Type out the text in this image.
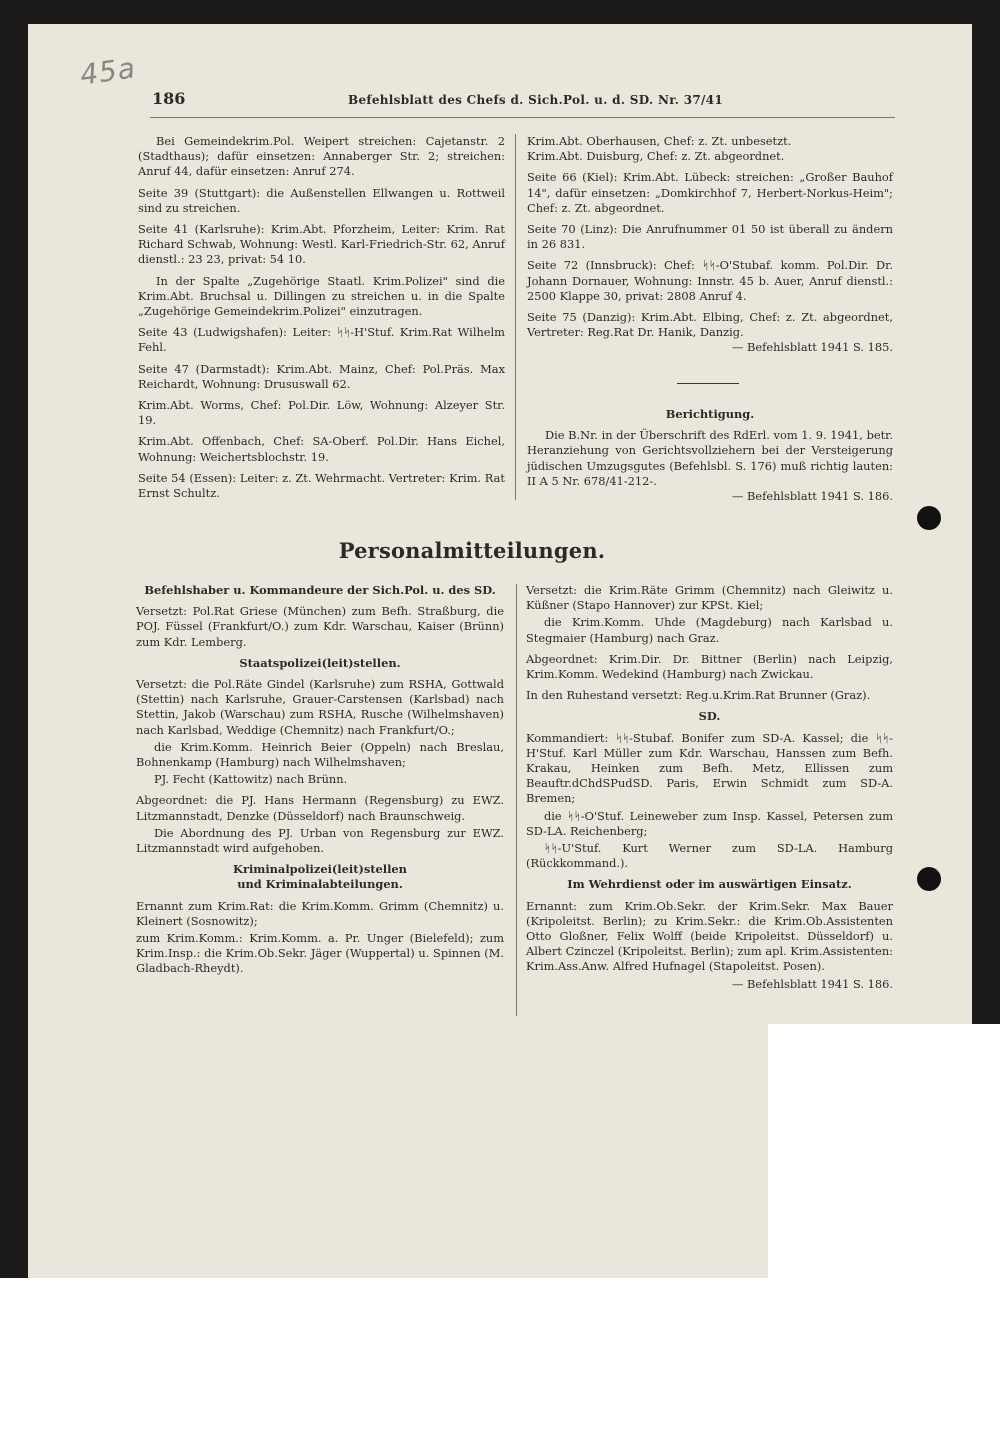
45a
186	Befehlsblatt des Chefs d. Sich.Pol. u. d. SD. Nr. 37/41

Bei Gemeindekrim.Pol. Weipert streichen: Cajetanstr. 2 (Stadthaus); dafür einsetzen: Annaberger Str. 2; streichen: Anruf 44, dafür einsetzen: Anruf 274.

Seite 39 (Stuttgart): die Außenstellen Ellwangen u. Rottweil sind zu streichen.

Seite 41 (Karlsruhe): Krim.Abt. Pforzheim, Leiter: Krim. Rat Richard Schwab, Wohnung: Westl. Karl-Friedrich-Str. 62, Anruf dienstl.: 23 23, privat: 54 10.

In der Spalte „Zugehörige Staatl. Krim.Polizei" sind die Krim.Abt. Bruchsal u. Dillingen zu streichen u. in die Spalte „Zugehörige Gemeindekrim.Polizei" einzutragen.

Seite 43 (Ludwigshafen): Leiter: ᛋᛋ-H'Stuf. Krim.Rat Wilhelm Fehl.

Seite 47 (Darmstadt): Krim.Abt. Mainz, Chef: Pol.Präs. Max Reichardt, Wohnung: Drususwall 62.

Krim.Abt. Worms, Chef: Pol.Dir. Löw, Wohnung: Alzeyer Str. 19.

Krim.Abt. Offenbach, Chef: SA-Oberf. Pol.Dir. Hans Eichel, Wohnung: Weichertsblochstr. 19.

Seite 54 (Essen): Leiter: z. Zt. Wehrmacht. Vertreter: Krim. Rat Ernst Schultz.

Krim.Abt. Oberhausen, Chef: z. Zt. unbesetzt.

Krim.Abt. Duisburg, Chef: z. Zt. abgeordnet.

Seite 66 (Kiel): Krim.Abt. Lübeck: streichen: „Großer Bauhof 14", dafür einsetzen: „Domkirchhof 7, Herbert-Norkus-Heim"; Chef: z. Zt. abgeordnet.

Seite 70 (Linz): Die Anrufnummer 01 50 ist überall zu ändern in 26 831.

Seite 72 (Innsbruck): Chef: ᛋᛋ-O'Stubaf. komm. Pol.Dir. Dr. Johann Dornauer, Wohnung: Innstr. 45 b. Auer, Anruf dienstl.: 2500 Klappe 30, privat: 2808 Anruf 4.

Seite 75 (Danzig): Krim.Abt. Elbing, Chef: z. Zt. abgeordnet, Vertreter: Reg.Rat Dr. Hanik, Danzig.

— Befehlsblatt 1941 S. 185.

Berichtigung.

Die B.Nr. in der Überschrift des RdErl. vom 1. 9. 1941, betr. Heranziehung von Gerichtsvollziehern bei der Versteigerung jüdischen Umzugsgutes (Befehlsbl. S. 176) muß richtig lauten: II A 5 Nr. 678/41-212-.

— Befehlsblatt 1941 S. 186.

Personalmitteilungen.

Befehlshaber u. Kommandeure der Sich.Pol. u. des SD.

Versetzt: Pol.Rat Griese (München) zum Befh. Straßburg, die POJ. Füssel (Frankfurt/O.) zum Kdr. Warschau, Kaiser (Brünn) zum Kdr. Lemberg.

Staatspolizei(leit)stellen.

Versetzt: die Pol.Räte Gindel (Karlsruhe) zum RSHA, Gottwald (Stettin) nach Karlsruhe, Grauer-Carstensen (Karlsbad) nach Stettin, Jakob (Warschau) zum RSHA, Rusche (Wilhelmshaven) nach Karlsbad, Weddige (Chemnitz) nach Frankfurt/O.;

die Krim.Komm. Heinrich Beier (Oppeln) nach Breslau, Bohnenkamp (Hamburg) nach Wilhelmshaven;

PJ. Fecht (Kattowitz) nach Brünn.

Abgeordnet: die PJ. Hans Hermann (Regensburg) zu EWZ. Litzmannstadt, Denzke (Düsseldorf) nach Braunschweig.

Die Abordnung des PJ. Urban von Regensburg zur EWZ. Litzmannstadt wird aufgehoben.

Kriminalpolizei(leit)stellen

und Kriminalabteilungen.

Ernannt zum Krim.Rat: die Krim.Komm. Grimm (Chemnitz) u. Kleinert (Sosnowitz);

zum Krim.Komm.: Krim.Komm. a. Pr. Unger (Bielefeld); zum Krim.Insp.: die Krim.Ob.Sekr. Jäger (Wuppertal) u. Spinnen (M. Gladbach-Rheydt).

Versetzt: die Krim.Räte Grimm (Chemnitz) nach Gleiwitz u. Küßner (Stapo Hannover) zur KPSt. Kiel;

die Krim.Komm. Uhde (Magdeburg) nach Karlsbad u. Stegmaier (Hamburg) nach Graz.

Abgeordnet: Krim.Dir. Dr. Bittner (Berlin) nach Leipzig, Krim.Komm. Wedekind (Hamburg) nach Zwickau.

In den Ruhestand versetzt: Reg.u.Krim.Rat Brunner (Graz).

SD.

Kommandiert: ᛋᛋ-Stubaf. Bonifer zum SD-A. Kassel; die ᛋᛋ-H'Stuf. Karl Müller zum Kdr. Warschau, Hanssen zum Befh. Krakau, Heinken zum Befh. Metz, Ellissen zum Beauftr.dChdSPudSD. Paris, Erwin Schmidt zum SD-A. Bremen;

die ᛋᛋ-O'Stuf. Leineweber zum Insp. Kassel, Petersen zum SD-LA. Reichenberg;

ᛋᛋ-U'Stuf. Kurt Werner zum SD-LA. Hamburg (Rückkommand.).

Im Wehrdienst oder im auswärtigen Einsatz.

Ernannt: zum Krim.Ob.Sekr. der Krim.Sekr. Max Bauer (Kripoleitst. Berlin); zu Krim.Sekr.: die Krim.Ob.Assistenten Otto Gloßner, Felix Wolff (beide Kripoleitst. Düsseldorf) u. Albert Czinczel (Kripoleitst. Berlin); zum apl. Krim.Assistenten: Krim.Ass.Anw. Alfred Hufnagel (Stapoleitst. Posen).

— Befehlsblatt 1941 S. 186.
